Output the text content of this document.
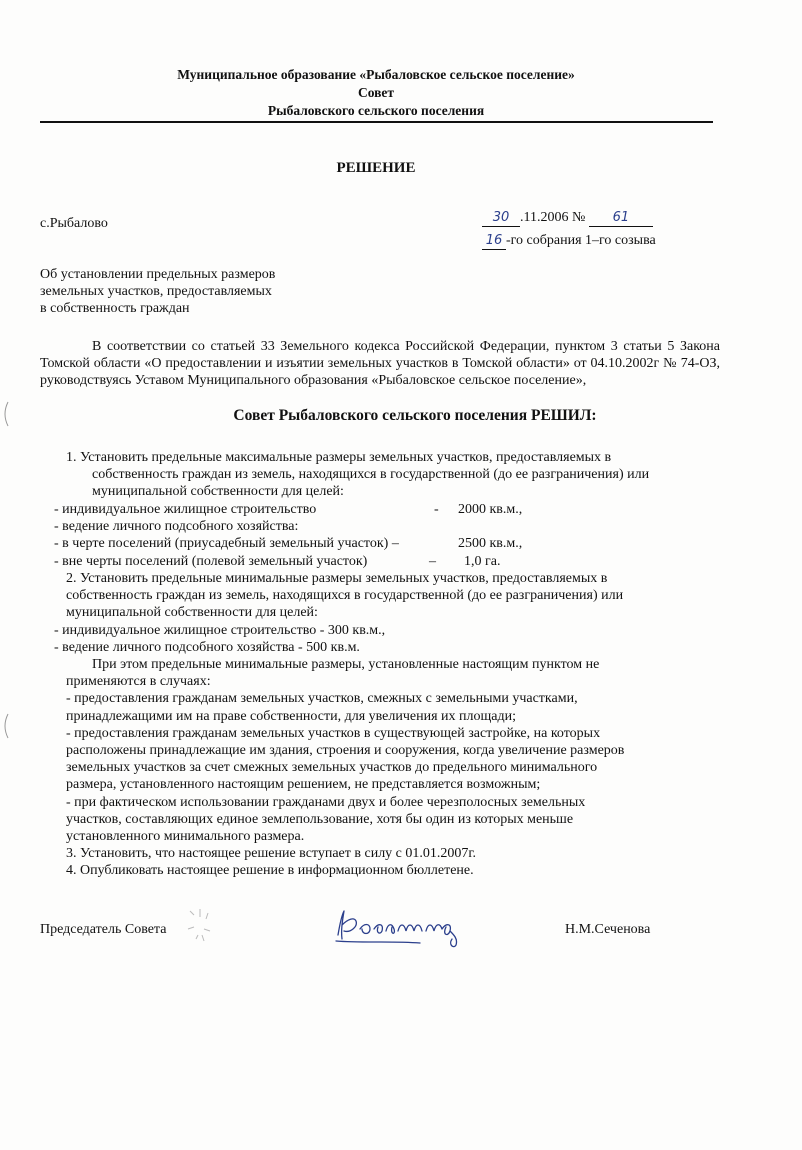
Муниципальное образование «Рыбаловское сельское поселение»
Совет
Рыбаловского сельского поселения
РЕШЕНИЕ
с.Рыбалово	30 .11.2006 № 61
16 -го собрания 1–го созыва
Об установлении предельных размеров
земельных участков, предоставляемых
в собственность граждан
В соответствии со статьей 33 Земельного кодекса Российской Федерации, пунктом 3 статьи 5 Закона Томской области «О предоставлении и изъятии земельных участков в Томской области» от 04.10.2002г № 74-ОЗ, руководствуясь Уставом Муниципального образования «Рыбаловское сельское поселение»,
Совет Рыбаловского сельского поселения РЕШИЛ:
1. Установить предельные максимальные размеры земельных участков, предоставляемых в
собственность граждан из земель, находящихся в государственной (до ее разграничения) или
муниципальной собственности для целей:
- индивидуальное жилищное строительство	- 2000 кв.м.,
- ведение личного подсобного хозяйства:
- в черте поселений (приусадебный земельный участок) –	2500 кв.м.,
- вне черты поселений (полевой земельный участок)	– 1,0 га.
2. Установить предельные минимальные размеры земельных участков, предоставляемых в
собственность граждан из земель, находящихся в государственной (до ее разграничения) или
муниципальной собственности для целей:
- индивидуальное жилищное строительство - 300 кв.м.,
- ведение личного подсобного хозяйства - 500 кв.м.
При этом предельные минимальные размеры, установленные настоящим пунктом не
применяются в случаях:
- предоставления гражданам земельных участков, смежных с земельными участками,
принадлежащими им на праве собственности, для увеличения их площади;
- предоставления гражданам земельных участков в существующей застройке, на которых
расположены принадлежащие им здания, строения и сооружения, когда увеличение размеров
земельных участков за счет смежных земельных участков до предельного минимального
размера, установленного настоящим решением, не представляется возможным;
- при фактическом использовании гражданами двух и более черезполосных земельных
участков, составляющих единое землепользование, хотя бы один из которых меньше
установленного минимального размера.
3. Установить, что настоящее решение вступает в силу с 01.01.2007г.
4. Опубликовать настоящее решение в информационном бюллетене.
Председатель Совета	Н.М.Сеченова
